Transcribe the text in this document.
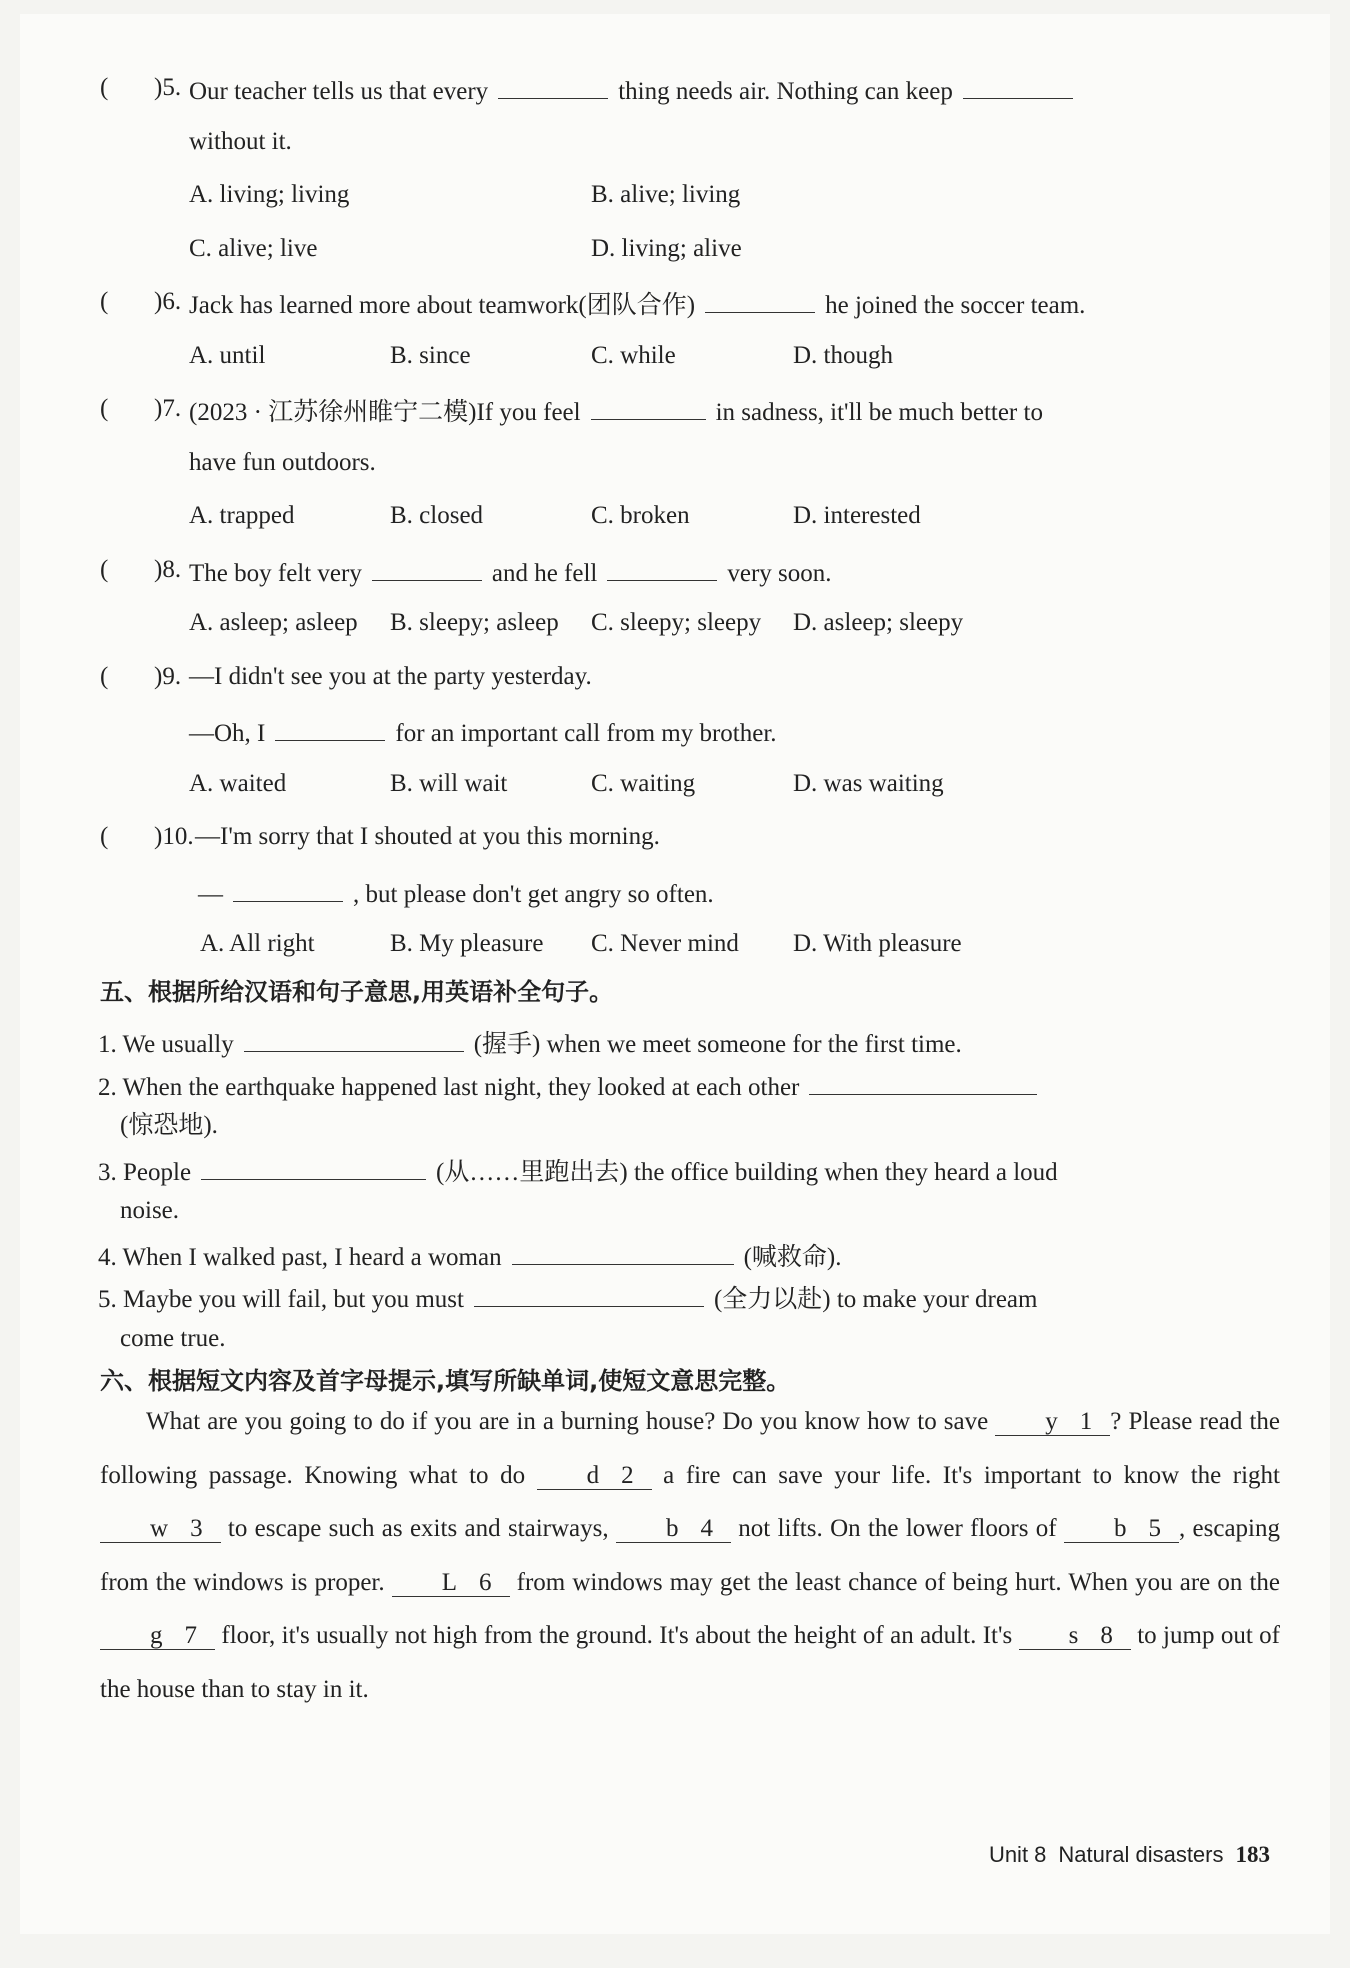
( )5. Our teacher tells us that every	thing needs air. Nothing can keep
without it.
A. living; living	B. alive; living
C. alive; live	D. living; alive
( )6. Jack has learned more about teamwork(团队合作)	he joined the soccer team.
A. until	B. since	C. while	D. though
( )7. (2023 · 江苏徐州睢宁二模)If you feel	in sadness, it'll be much better to
have fun outdoors.
A. trapped	B. closed	C. broken	D. interested
( )8. The boy felt very	and he fell	very soon.
A. asleep; asleep B. sleepy; asleep C. sleepy; sleepy D. asleep; sleepy
( )9. —I didn't see you at the party yesterday.
—Oh, I	for an important call from my brother.
A. waited	B. will wait	C. waiting	D. was waiting
( )10. —I'm sorry that I shouted at you this morning.
—	, but please don't get angry so often.
A. All right	B. My pleasure C. Never mind D. With pleasure
五、根据所给汉语和句子意思,用英语补全句子。
1. We usually	(握手) when we meet someone for the first time.
2. When the earthquake happened last night, they looked at each other
(惊恐地).
3. People	(从……里跑出去) the office building when they heard a loud
noise.
4. When I walked past, I heard a woman	(喊救命).
5. Maybe you will fail, but you must	(全力以赴) to make your dream
come true.
六、根据短文内容及首字母提示,填写所缺单词,使短文意思完整。
What are you going to do if you are in a burning house? Do you know how to save y 1 ? Please read the following passage. Knowing what to do d 2 a fire can save your life. It's important to know the right w 3 to escape such as exits and stairways, b 4 not lifts. On the lower floors of b 5 , escaping from the windows is proper. L 6 from windows may get the least chance of being hurt. When you are on the g 7 floor, it's usually not high from the ground. It's about the height of an adult. It's s 8 to jump out of the house than to stay in it.
Unit 8 Natural disasters 183
